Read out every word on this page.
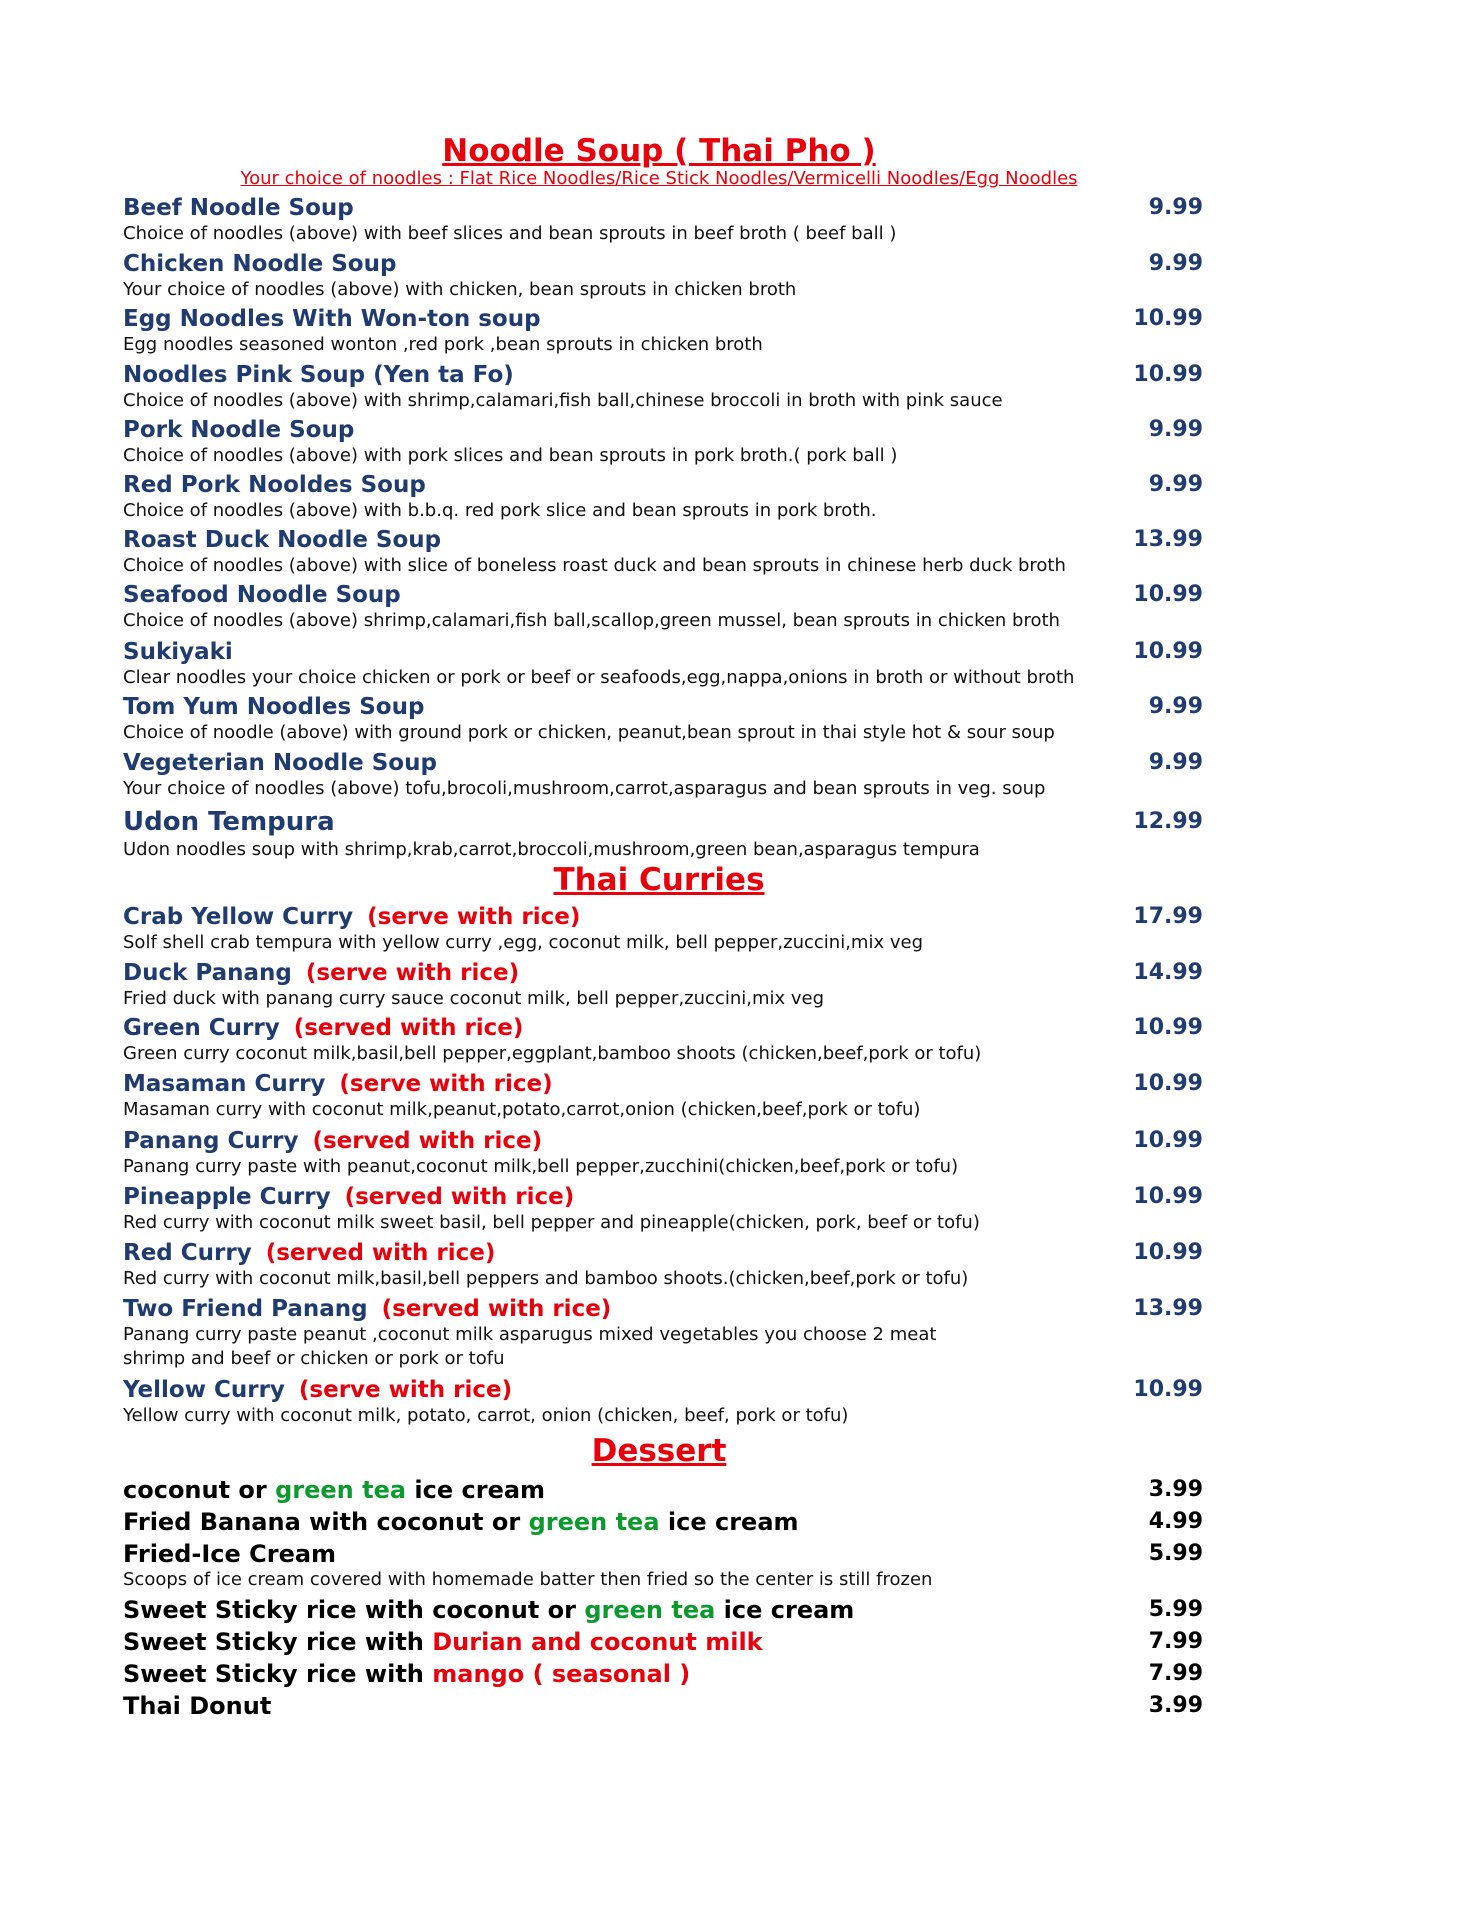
Noodle Soup ( Thai Pho )
Your choice of noodles : Flat Rice Noodles/Rice Stick Noodles/Vermicelli Noodles/Egg Noodles
Beef Noodle Soup	9.99
Choice of noodles (above) with beef slices and bean sprouts in beef broth ( beef ball )
Chicken Noodle Soup	9.99
Your choice of noodles (above) with chicken, bean sprouts in chicken broth
Egg Noodles With Won-ton soup	10.99
Egg noodles seasoned wonton ,red pork ,bean sprouts in chicken broth
Noodles Pink Soup (Yen ta Fo)	10.99
Choice of noodles (above) with shrimp,calamari,fish ball,chinese broccoli in broth with pink sauce
Pork Noodle Soup	9.99
Choice of noodles (above) with pork slices and bean sprouts in pork broth.( pork ball )
Red Pork Nooldes Soup	9.99
Choice of noodles (above) with b.b.q. red pork slice and bean sprouts in pork broth.
Roast Duck Noodle Soup	13.99
Choice of noodles (above) with slice of boneless roast duck and bean sprouts in chinese herb duck broth
Seafood Noodle Soup	10.99
Choice of noodles (above) shrimp,calamari,fish ball,scallop,green mussel, bean sprouts in chicken broth
Sukiyaki	10.99
Clear noodles your choice chicken or pork or beef or seafoods,egg,nappa,onions in broth or without broth
Tom Yum Noodles Soup	9.99
Choice of noodle (above) with ground pork or chicken, peanut,bean sprout in thai style hot & sour soup
Vegeterian Noodle Soup	9.99
Your choice of noodles (above) tofu,brocoli,mushroom,carrot,asparagus and bean sprouts in veg. soup
Udon Tempura	12.99
Udon noodles soup with shrimp,krab,carrot,broccoli,mushroom,green bean,asparagus tempura
Thai Curries
Crab Yellow Curry (serve with rice)	17.99
Solf shell crab tempura with yellow curry ,egg, coconut milk, bell pepper,zuccini,mix veg
Duck Panang (serve with rice)	14.99
Fried duck with panang curry sauce coconut milk, bell pepper,zuccini,mix veg
Green Curry (served with rice)	10.99
Green curry coconut milk,basil,bell pepper,eggplant,bamboo shoots (chicken,beef,pork or tofu)
Masaman Curry (serve with rice)	10.99
Masaman curry with coconut milk,peanut,potato,carrot,onion (chicken,beef,pork or tofu)
Panang Curry (served with rice)	10.99
Panang curry paste with peanut,coconut milk,bell pepper,zucchini(chicken,beef,pork or tofu)
Pineapple Curry (served with rice)	10.99
Red curry with coconut milk sweet basil, bell pepper and pineapple(chicken, pork, beef or tofu)
Red Curry (served with rice)	10.99
Red curry with coconut milk,basil,bell peppers and bamboo shoots.(chicken,beef,pork or tofu)
Two Friend Panang (served with rice)	13.99
Panang curry paste peanut ,coconut milk asparugus mixed vegetables you choose 2 meat
shrimp and beef or chicken or pork or tofu
Yellow Curry (serve with rice)	10.99
Yellow curry with coconut milk, potato, carrot, onion (chicken, beef, pork or tofu)
Dessert
coconut or green tea ice cream	3.99
Fried Banana with coconut or green tea ice cream	4.99
Fried-Ice Cream	5.99
Scoops of ice cream covered with homemade batter then fried so the center is still frozen
Sweet Sticky rice with coconut or green tea ice cream	5.99
Sweet Sticky rice with Durian and coconut milk	7.99
Sweet Sticky rice with mango ( seasonal )	7.99
Thai Donut	3.99
